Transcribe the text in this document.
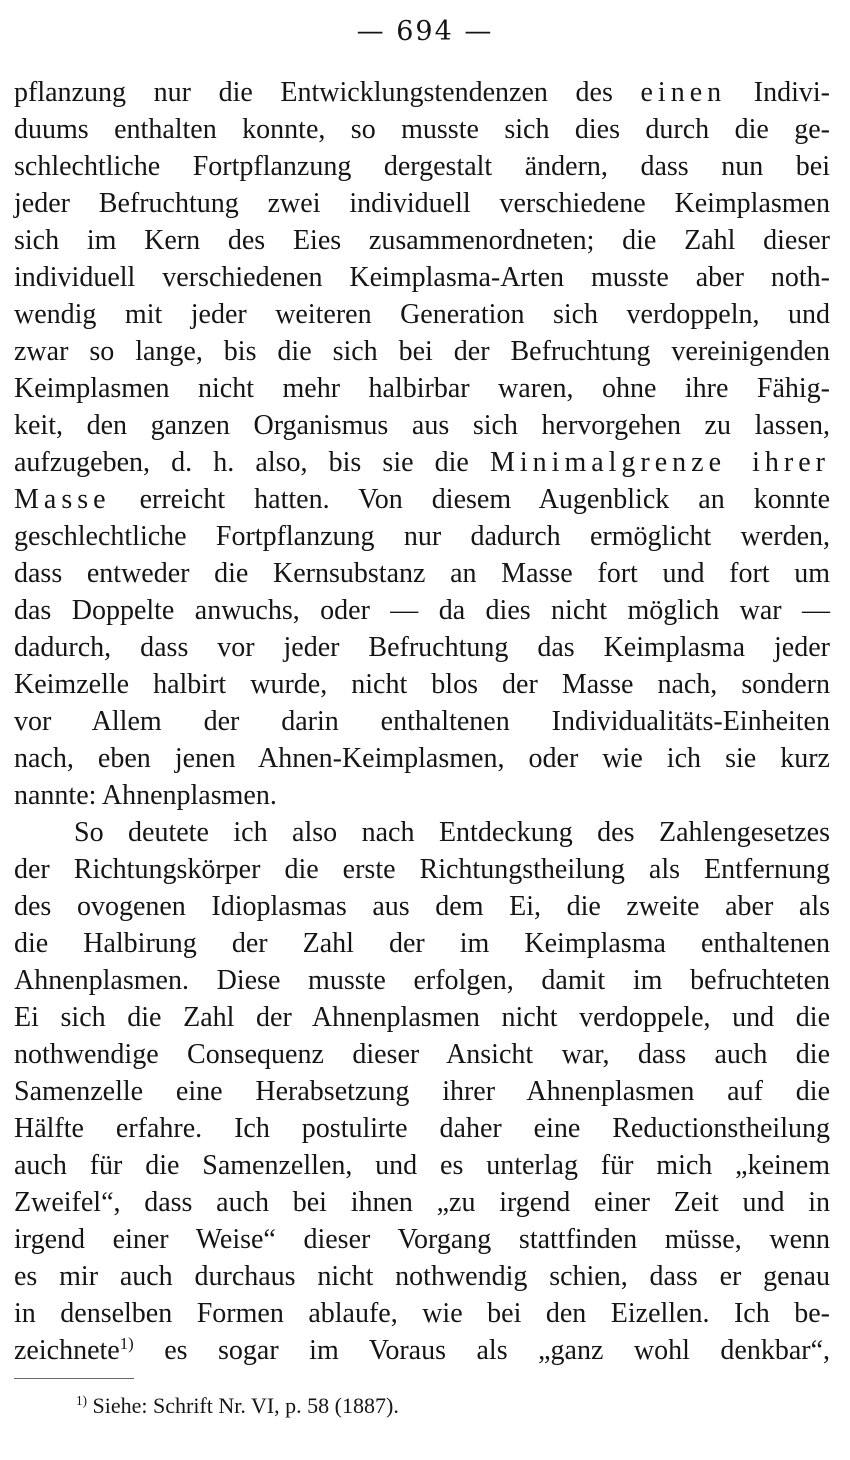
— 694 —
pflanzung nur die Entwicklungstendenzen des einen Indivi-
duums enthalten konnte, so musste sich dies durch die ge-
schlechtliche Fortpflanzung dergestalt ändern, dass nun bei
jeder Befruchtung zwei individuell verschiedene Keimplasmen
sich im Kern des Eies zusammenordneten; die Zahl dieser
individuell verschiedenen Keimplasma-Arten musste aber noth-
wendig mit jeder weiteren Generation sich verdoppeln, und
zwar so lange, bis die sich bei der Befruchtung vereinigenden
Keimplasmen nicht mehr halbirbar waren, ohne ihre Fähig-
keit, den ganzen Organismus aus sich hervorgehen zu lassen,
aufzugeben, d. h. also, bis sie die Minimalgrenze ihrer
Masse erreicht hatten. Von diesem Augenblick an konnte
geschlechtliche Fortpflanzung nur dadurch ermöglicht werden,
dass entweder die Kernsubstanz an Masse fort und fort um
das Doppelte anwuchs, oder — da dies nicht möglich war —
dadurch, dass vor jeder Befruchtung das Keimplasma jeder
Keimzelle halbirt wurde, nicht blos der Masse nach, sondern
vor Allem der darin enthaltenen Individualitäts-Einheiten
nach, eben jenen Ahnen-Keimplasmen, oder wie ich sie kurz
nannte: Ahnenplasmen.
So deutete ich also nach Entdeckung des Zahlengesetzes
der Richtungskörper die erste Richtungstheilung als Entfernung
des ovogenen Idioplasmas aus dem Ei, die zweite aber als
die Halbirung der Zahl der im Keimplasma enthaltenen
Ahnenplasmen. Diese musste erfolgen, damit im befruchteten
Ei sich die Zahl der Ahnenplasmen nicht verdoppele, und die
nothwendige Consequenz dieser Ansicht war, dass auch die
Samenzelle eine Herabsetzung ihrer Ahnenplasmen auf die
Hälfte erfahre. Ich postulirte daher eine Reductionstheilung
auch für die Samenzellen, und es unterlag für mich „keinem
Zweifel“, dass auch bei ihnen „zu irgend einer Zeit und in
irgend einer Weise“ dieser Vorgang stattfinden müsse, wenn
es mir auch durchaus nicht nothwendig schien, dass er genau
in denselben Formen ablaufe, wie bei den Eizellen. Ich be-
zeichnete$^{1)}$ es sogar im Voraus als „ganz wohl denkbar“,
$^{1)}$ Siehe: Schrift Nr. VI, p. 58 (1887).
